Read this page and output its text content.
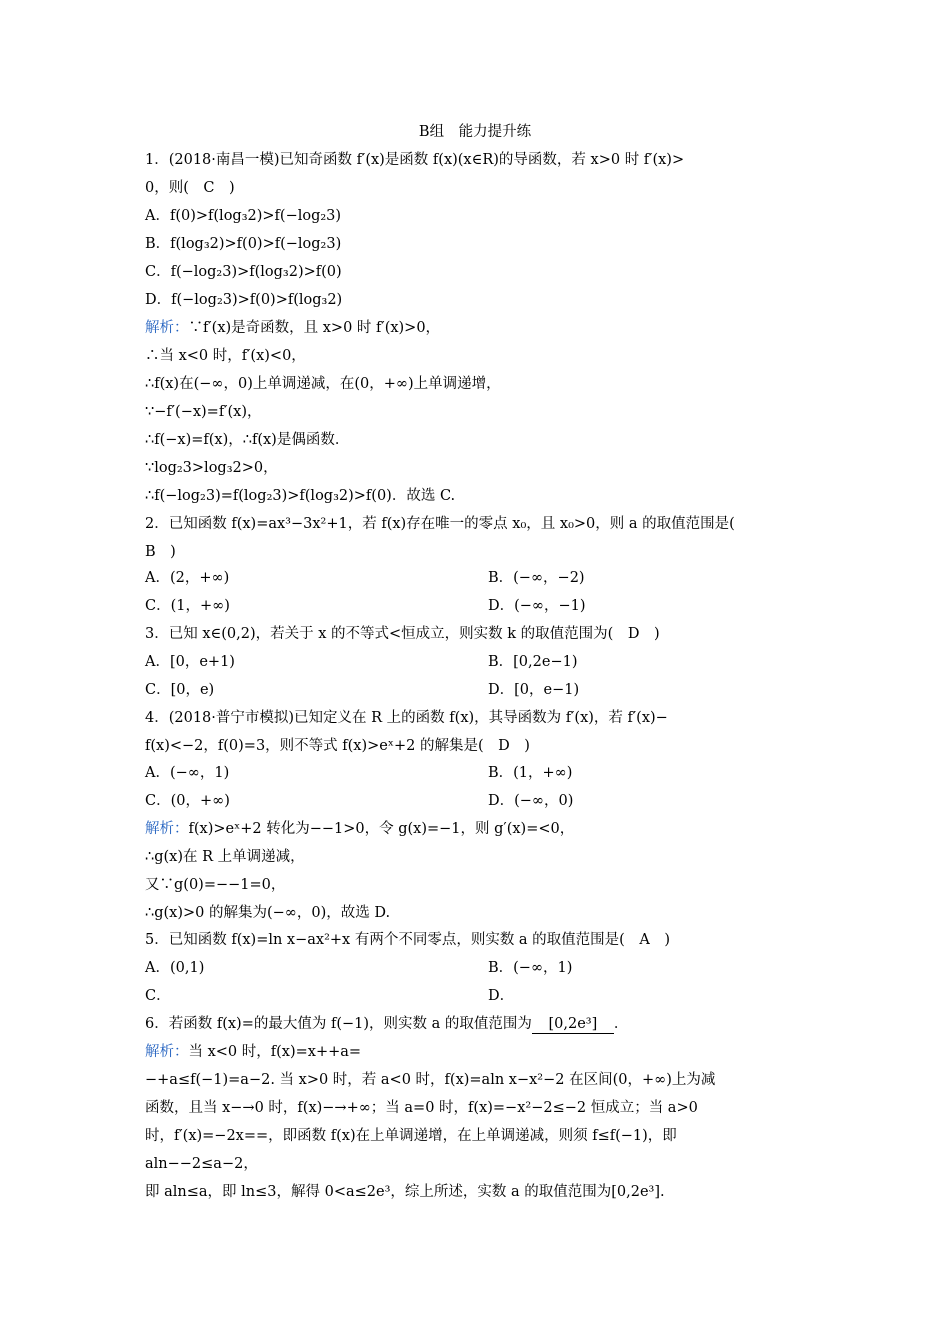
B组　能力提升练
1．(2018·南昌一模)已知奇函数 f′(x)是函数 f(x)(x∈R)的导函数，若 x>0 时 f′(x)>
0，则(　C　)
A．f(0)>f(log₃2)>f(−log₂3)
B．f(log₃2)>f(0)>f(−log₂3)
C．f(−log₂3)>f(log₃2)>f(0)
D．f(−log₂3)>f(0)>f(log₃2)
解析：∵f′(x)是奇函数，且 x>0 时 f′(x)>0，
∴当 x<0 时，f′(x)<0，
∴f(x)在(−∞，0)上单调递减，在(0，+∞)上单调递增，
∵−f′(−x)=f′(x)，
∴f(−x)=f(x)，∴f(x)是偶函数．
∵log₂3>log₃2>0，
∴f(−log₂3)=f(log₂3)>f(log₃2)>f(0)．故选 C.
2．已知函数 f(x)=ax³−3x²+1，若 f(x)存在唯一的零点 x₀，且 x₀>0，则 a 的取值范围是(
B　)
A．(2，+∞)	B．(−∞，−2)
C．(1，+∞)	D．(−∞，−1)
3．已知 x∈(0,2)，若关于 x 的不等式<恒成立，则实数 k 的取值范围为(　D　)
A．[0，e+1)	B．[0,2e−1)
C．[0，e)	D．[0，e−1)
4．(2018·普宁市模拟)已知定义在 R 上的函数 f(x)，其导函数为 f′(x)，若 f′(x)−
f(x)<−2，f(0)=3，则不等式 f(x)>eˣ+2 的解集是(　D　)
A．(−∞，1)	B．(1，+∞)
C．(0，+∞)	D．(−∞，0)
解析：f(x)>eˣ+2 转化为−−1>0，令 g(x)=−1，则 g′(x)=<0，
∴g(x)在 R 上单调递减，
又∵g(0)=−−1=0，
∴g(x)>0 的解集为(−∞，0)，故选 D.
5．已知函数 f(x)=ln x−ax²+x 有两个不同零点，则实数 a 的取值范围是(　A　)
A．(0,1)	B．(−∞，1)
C．	D．
6．若函数 f(x)=的最大值为 f(−1)，则实数 a 的取值范围为 [0,2e³] ．
解析：当 x<0 时，f(x)=x++a=
−+a≤f(−1)=a−2. 当 x>0 时，若 a<0 时，f(x)=aln x−x²−2 在区间(0，+∞)上为减
函数，且当 x−→0 时，f(x)−→+∞；当 a=0 时，f(x)=−x²−2≤−2 恒成立；当 a>0
时，f′(x)=−2x==，即函数 f(x)在上单调递增，在上单调递减，则须 f≤f(−1)，即
aln−−2≤a−2，
即 aln≤a，即 ln≤3，解得 0<a≤2e³，综上所述，实数 a 的取值范围为[0,2e³].
